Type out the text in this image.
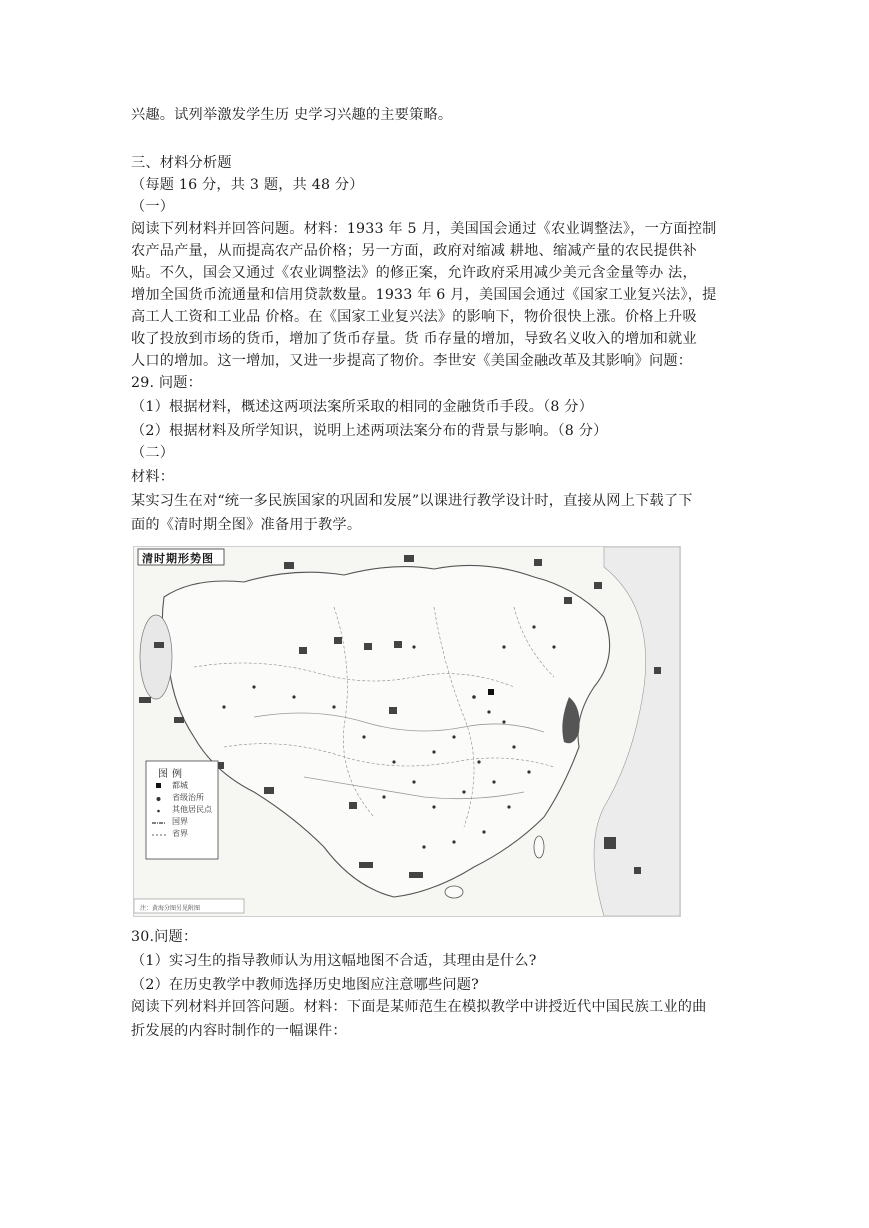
兴趣。试列举激发学生历 史学习兴趣的主要策略。
三、材料分析题
（每题 16 分，共 3 题，共 48 分）
（一）
阅读下列材料并回答问题。材料：1933 年 5 月，美国国会通过《农业调整法》，一方面控制
农产品产量，从而提高农产品价格；另一方面，政府对缩减 耕地、缩减产量的农民提供补
贴。不久，国会又通过《农业调整法》的修正案，允许政府采用减少美元含金量等办 法，
增加全国货币流通量和信用贷款数量。1933 年 6 月，美国国会通过《国家工业复兴法》，提
高工人工资和工业品 价格。在《国家工业复兴法》的影响下，物价很快上涨。价格上升吸
收了投放到市场的货币，增加了货币存量。货 币存量的增加，导致名义收入的增加和就业
人口的增加。这一增加，又进一步提高了物价。李世安《美国金融改革及其影响》问题：
29. 问题：
（1）根据材料，概述这两项法案所采取的相同的金融货币手段。（8 分）
（2）根据材料及所学知识，说明上述两项法案分布的背景与影响。（8 分）
（二）
材料：
某实习生在对“统一多民族国家的巩固和发展”以课进行教学设计时，直接从网上下载了下
面的《清时期全图》准备用于教学。
清时期形势图
图例
都城
省级治所
其他居民点
国界
省界
注：黄海分图另见附图
30.问题：
（1）实习生的指导教师认为用这幅地图不合适，其理由是什么?
（2）在历史教学中教师选择历史地图应注意哪些问题?
阅读下列材料并回答问题。材料：下面是某师范生在模拟教学中讲授近代中国民族工业的曲
折发展的内容时制作的一幅课件：
